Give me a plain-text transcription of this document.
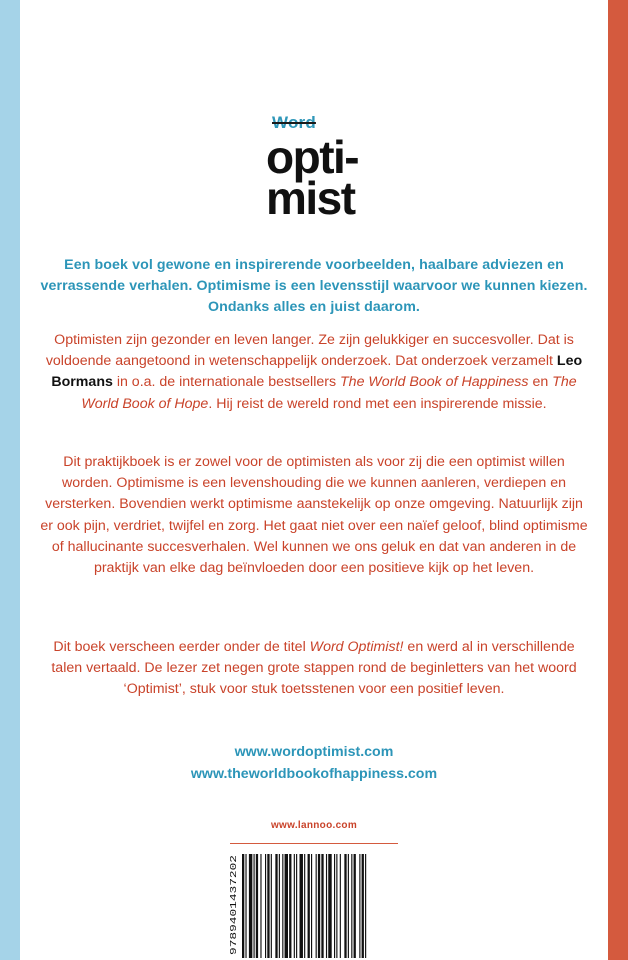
Word
opti-
mist
Een boek vol gewone en inspirerende voorbeelden, haalbare adviezen en verrassende verhalen. Optimisme is een levensstijl waarvoor we kunnen kiezen. Ondanks alles en juist daarom.
Optimisten zijn gezonder en leven langer. Ze zijn gelukkiger en succesvoller. Dat is voldoende aangetoond in wetenschappelijk onderzoek. Dat onderzoek verzamelt Leo Bormans in o.a. de internationale bestsellers The World Book of Happiness en The World Book of Hope. Hij reist de wereld rond met een inspirerende missie.
Dit praktijkboek is er zowel voor de optimisten als voor zij die een optimist willen worden. Optimisme is een levenshouding die we kunnen aanleren, verdiepen en versterken. Bovendien werkt optimisme aanstekelijk op onze omgeving. Natuurlijk zijn er ook pijn, verdriet, twijfel en zorg. Het gaat niet over een naïef geloof, blind optimisme of hallucinante succesverhalen. Wel kunnen we ons geluk en dat van anderen in de praktijk van elke dag beïnvloeden door een positieve kijk op het leven.
Dit boek verscheen eerder onder de titel Word Optimist! en werd al in verschillende talen vertaald. De lezer zet negen grote stappen rond de beginletters van het woord ‘Optimist’, stuk voor stuk toetsstenen voor een positief leven.
www.wordoptimist.com
www.theworldbookofhappiness.com
www.lannoo.com
9789401437202
